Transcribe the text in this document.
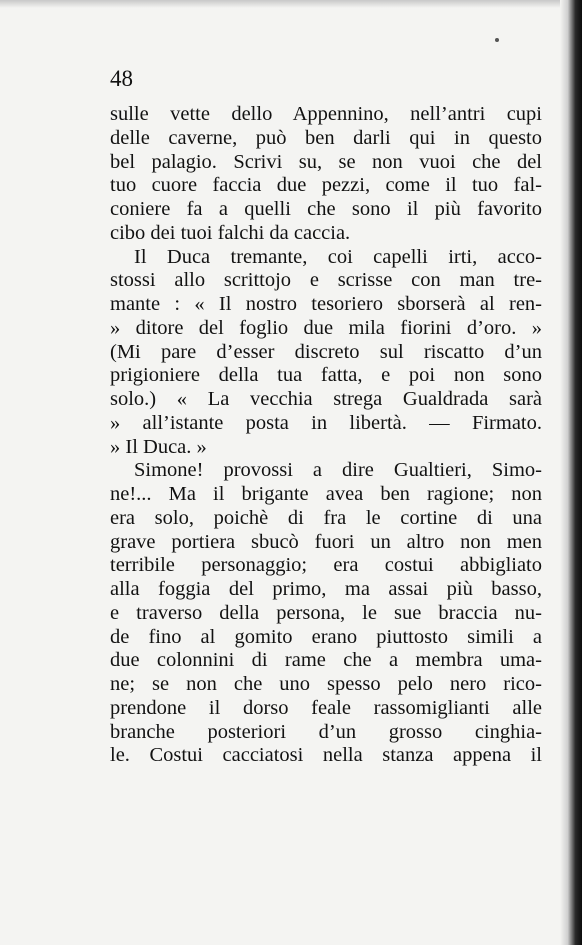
48
sulle vette dello Appennino, nell’antri cupi
delle caverne, può ben darli qui in questo
bel palagio. Scrivi su, se non vuoi che del
tuo cuore faccia due pezzi, come il tuo fal-
coniere fa a quelli che sono il più favorito
cibo dei tuoi falchi da caccia.
Il Duca tremante, coi capelli irti, acco-
stossi allo scrittojo e scrisse con man tre-
mante : « Il nostro tesoriero sborserà al ren-
» ditore del foglio due mila fiorini d’oro. »
(Mi pare d’esser discreto sul riscatto d’un
prigioniere della tua fatta, e poi non sono
solo.) « La vecchia strega Gualdrada sarà
» all’istante posta in libertà. — Firmato.
» Il Duca. »
Simone! provossi a dire Gualtieri, Simo-
ne!... Ma il brigante avea ben ragione; non
era solo, poichè di fra le cortine di una
grave portiera sbucò fuori un altro non men
terribile personaggio; era costui abbigliato
alla foggia del primo, ma assai più basso,
e traverso della persona, le sue braccia nu-
de fino al gomito erano piuttosto simili a
due colonnini di rame che a membra uma-
ne; se non che uno spesso pelo nero rico-
prendone il dorso feale rassomiglianti alle
branche posteriori d’un grosso cinghia-
le. Costui cacciatosi nella stanza appena il
